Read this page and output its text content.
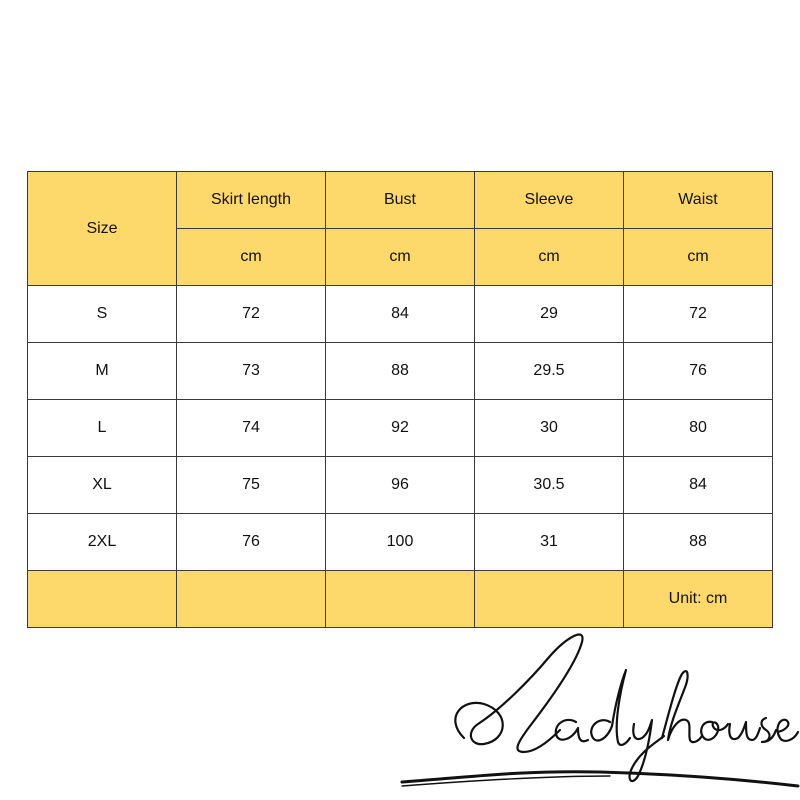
Size	Skirt length	Bust	Sleeve	Waist
	cm	cm	cm	cm
S	72	84	29	72
M	73	88	29.5	76
L	74	92	30	80
XL	75	96	30.5	84
2XL	76	100	31	88
				Unit: cm
